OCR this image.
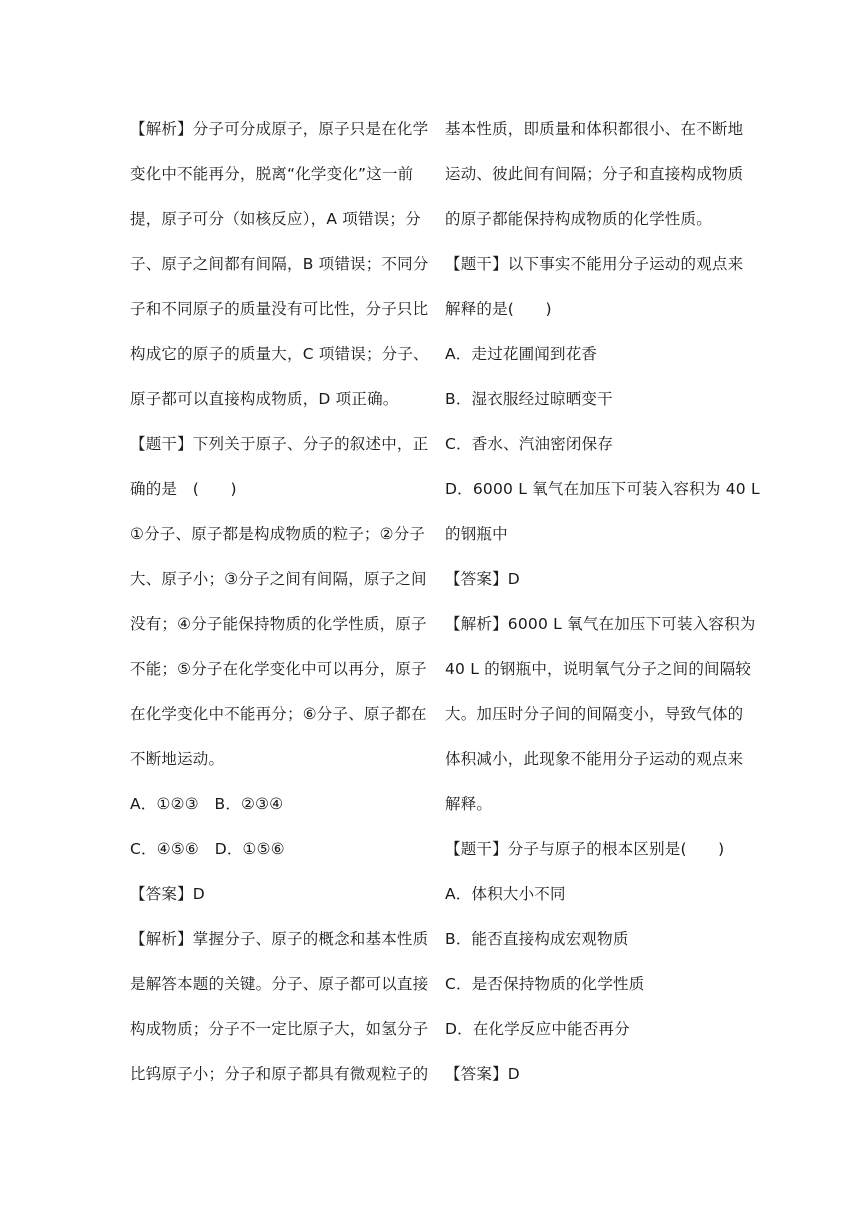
【解析】分子可分成原子，原子只是在化学
变化中不能再分，脱离“化学变化”这一前
提，原子可分（如核反应），A 项错误；分
子、原子之间都有间隔，B 项错误；不同分
子和不同原子的质量没有可比性，分子只比
构成它的原子的质量大，C 项错误；分子、
原子都可以直接构成物质，D 项正确。
【题干】下列关于原子、分子的叙述中，正
确的是　(　　)
①分子、原子都是构成物质的粒子；②分子
大、原子小；③分子之间有间隔，原子之间
没有；④分子能保持物质的化学性质，原子
不能；⑤分子在化学变化中可以再分，原子
在化学变化中不能再分；⑥分子、原子都在
不断地运动。
A．①②③　B．②③④
C．④⑤⑥　D．①⑤⑥
【答案】D
【解析】掌握分子、原子的概念和基本性质
是解答本题的关键。分子、原子都可以直接
构成物质；分子不一定比原子大，如氢分子
比钨原子小；分子和原子都具有微观粒子的
基本性质，即质量和体积都很小、在不断地
运动、彼此间有间隔；分子和直接构成物质
的原子都能保持构成物质的化学性质。
【题干】以下事实不能用分子运动的观点来
解释的是(　　)
A．走过花圃闻到花香
B．湿衣服经过晾晒变干
C．香水、汽油密闭保存
D．6000 L 氧气在加压下可装入容积为 40 L
的钢瓶中
【答案】D
【解析】6000 L 氧气在加压下可装入容积为
40 L 的钢瓶中，说明氧气分子之间的间隔较
大。加压时分子间的间隔变小，导致气体的
体积减小，此现象不能用分子运动的观点来
解释。
【题干】分子与原子的根本区别是(　　)
A．体积大小不同
B．能否直接构成宏观物质
C．是否保持物质的化学性质
D．在化学反应中能否再分
【答案】D
